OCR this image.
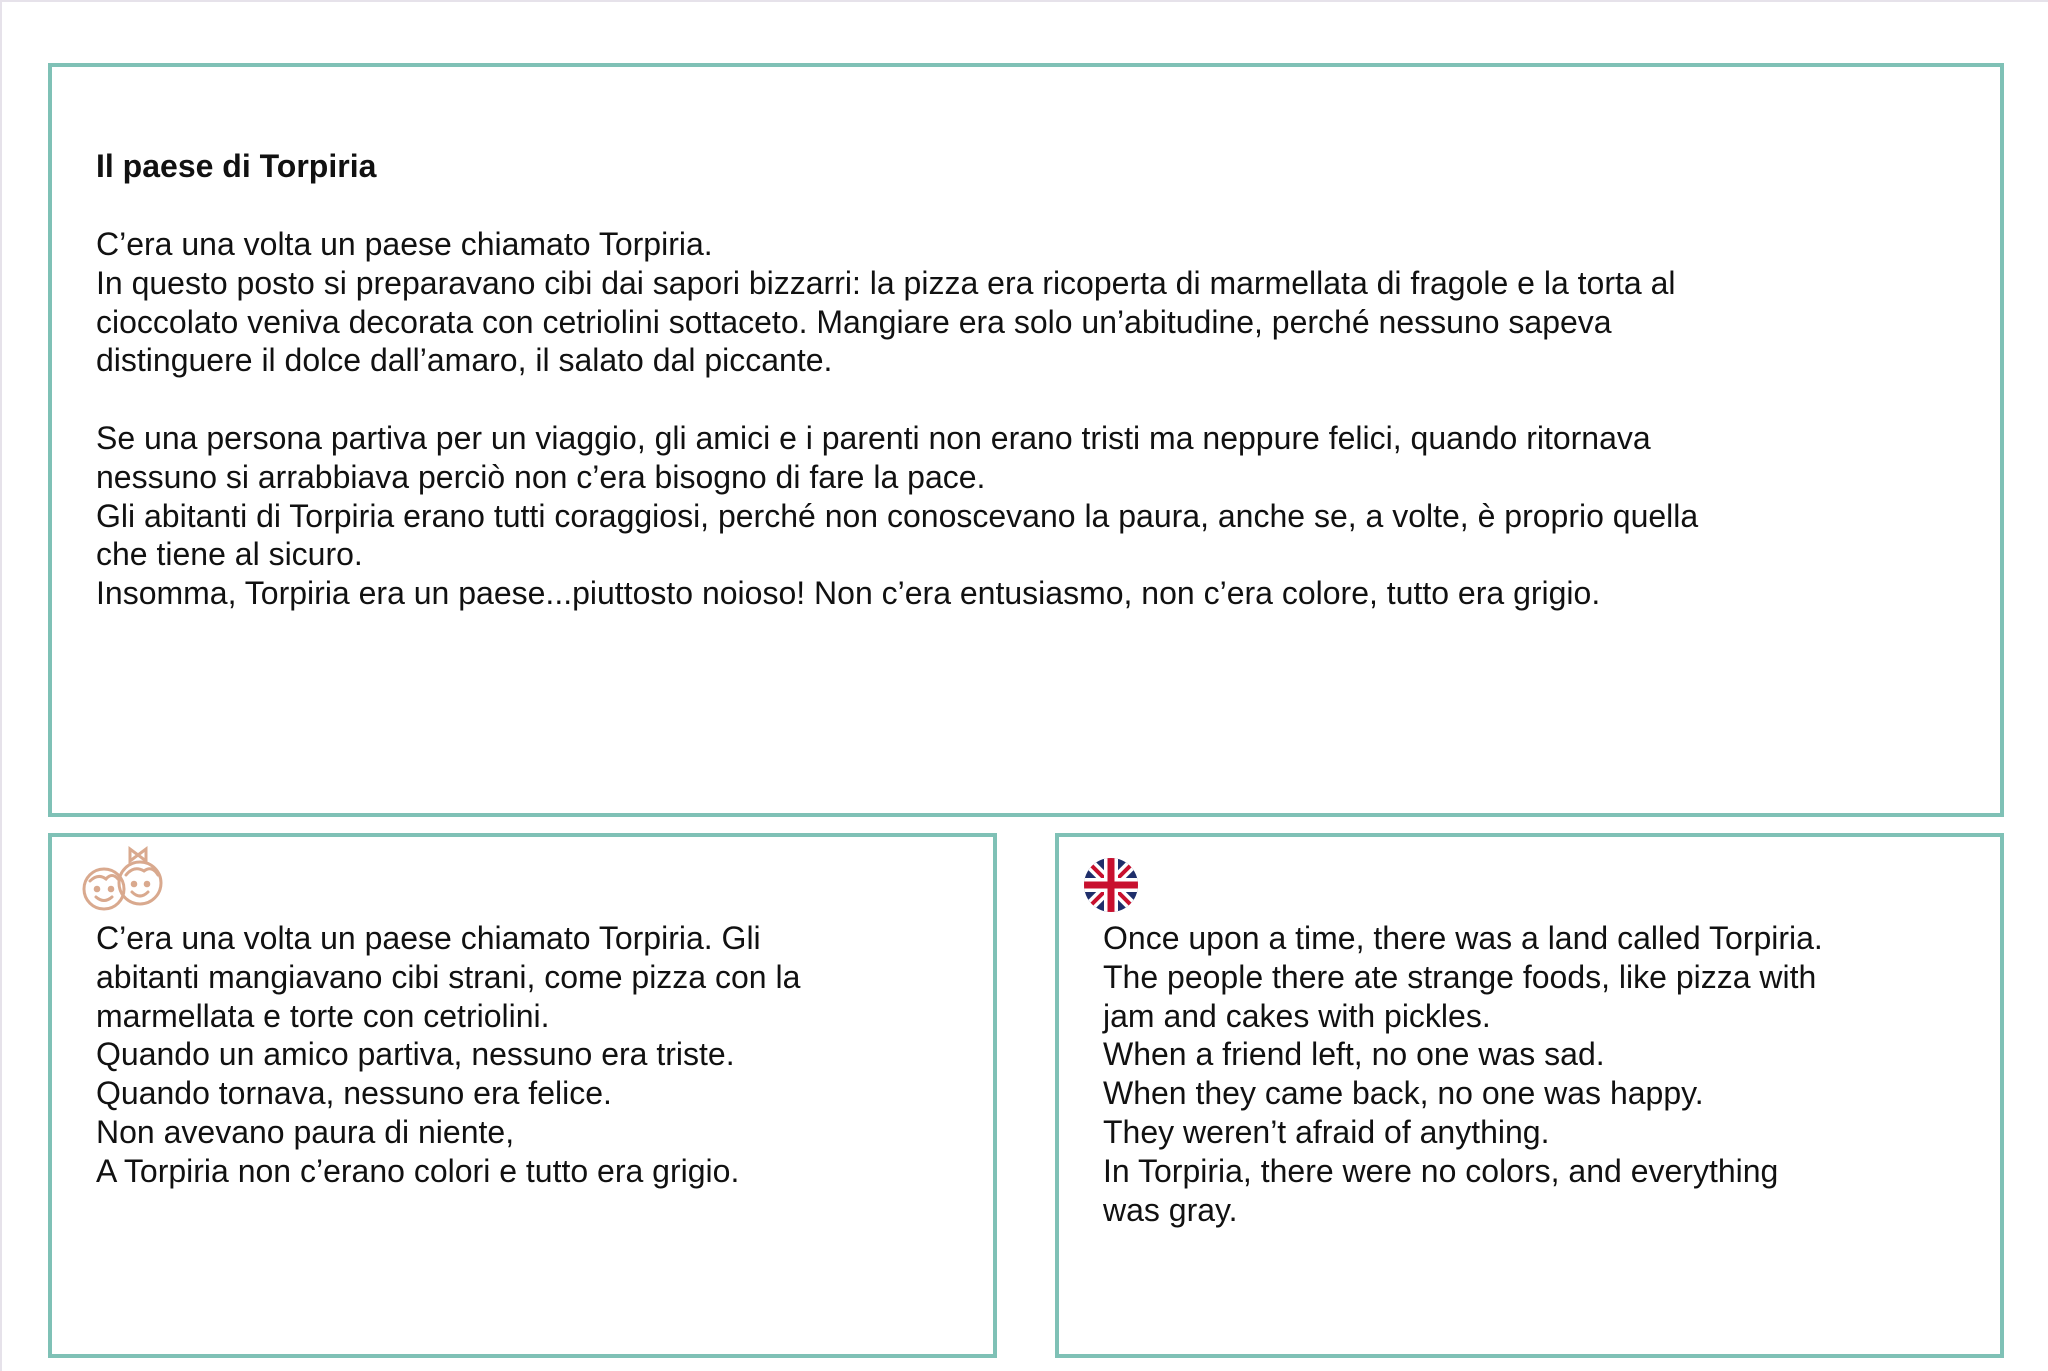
Il paese di Torpiria
C’era una volta un paese chiamato Torpiria.
In questo posto si preparavano cibi dai sapori bizzarri: la pizza era ricoperta di marmellata di fragole e la torta al
cioccolato veniva decorata con cetriolini sottaceto. Mangiare era solo un’abitudine, perché nessuno sapeva
distinguere il dolce dall’amaro, il salato dal piccante.
Se una persona partiva per un viaggio, gli amici e i parenti non erano tristi ma neppure felici, quando ritornava
nessuno si arrabbiava perciò non c’era bisogno di fare la pace.
Gli abitanti di Torpiria erano tutti coraggiosi, perché non conoscevano la paura, anche se, a volte, è proprio quella
che tiene al sicuro.
Insomma, Torpiria era un paese...piuttosto noioso! Non c’era entusiasmo, non c’era colore, tutto era grigio.
C’era una volta un paese chiamato Torpiria. Gli
abitanti mangiavano cibi strani, come pizza con la
marmellata e torte con cetriolini.
Quando un amico partiva, nessuno era triste.
Quando tornava, nessuno era felice.
Non avevano paura di niente,
A Torpiria non c’erano colori e tutto era grigio.
Once upon a time, there was a land called Torpiria.
The people there ate strange foods, like pizza with
jam and cakes with pickles.
When a friend left, no one was sad.
When they came back, no one was happy.
They weren’t afraid of anything.
In Torpiria, there were no colors, and everything
was gray.
